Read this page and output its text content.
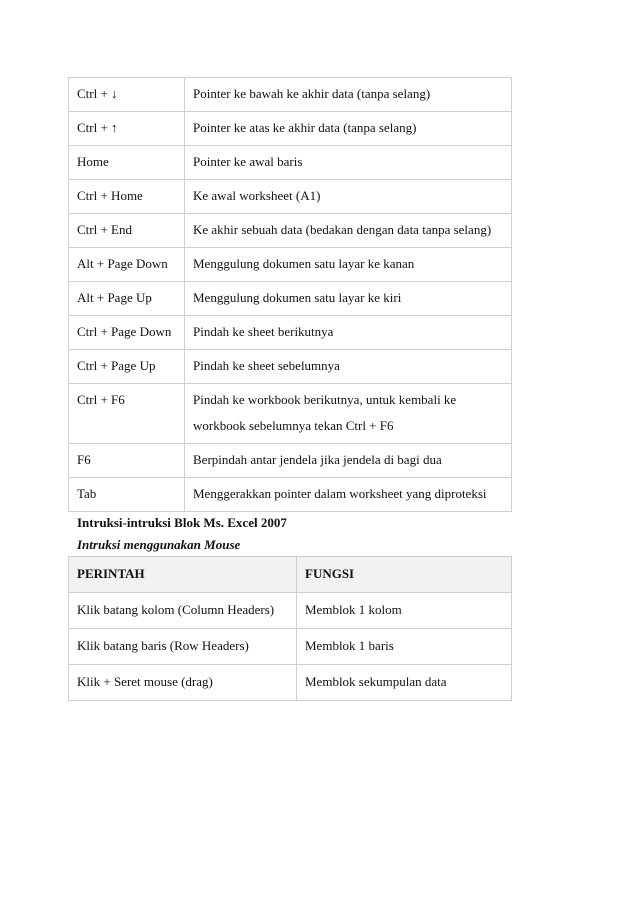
Ctrl + ↓	Pointer ke bawah ke akhir data (tanpa selang)
Ctrl + ↑	Pointer ke atas ke akhir data (tanpa selang)
Home	Pointer ke awal baris
Ctrl + Home	Ke awal worksheet (A1)
Ctrl + End	Ke akhir sebuah data (bedakan dengan data tanpa selang)
Alt + Page Down	Menggulung dokumen satu layar ke kanan
Alt + Page Up	Menggulung dokumen satu layar ke kiri
Ctrl + Page Down	Pindah ke sheet berikutnya
Ctrl + Page Up	Pindah ke sheet sebelumnya
Ctrl + F6	Pindah ke workbook berikutnya, untuk kembali ke workbook sebelumnya tekan Ctrl + F6
F6	Berpindah antar jendela jika jendela di bagi dua
Tab	Menggerakkan pointer dalam worksheet yang diproteksi

Intruksi-intruksi Blok Ms. Excel 2007

Intruksi menggunakan Mouse

PERINTAH	FUNGSI
Klik batang kolom (Column Headers)	Memblok 1 kolom
Klik batang baris (Row Headers)	Memblok 1 baris
Klik + Seret mouse (drag)	Memblok sekumpulan data
